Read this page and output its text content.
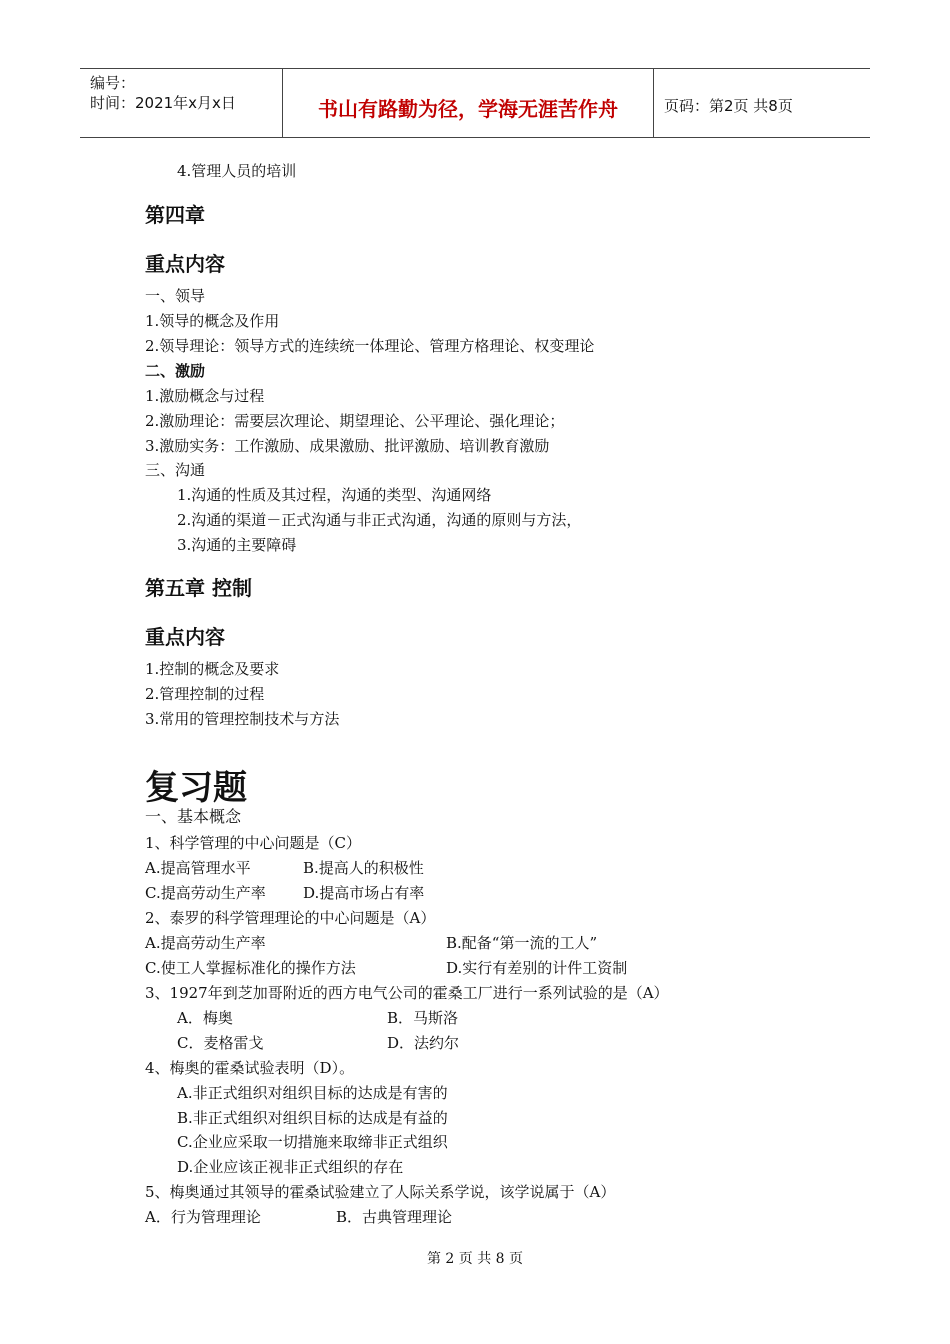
编号：
时间：2021年x月x日	书山有路勤为径，学海无涯苦作舟	页码：第2页 共8页
4.管理人员的培训
第四章
重点内容
一、领导
1.领导的概念及作用
2.领导理论：领导方式的连续统一体理论、管理方格理论、权变理论
二、激励
1.激励概念与过程
2.激励理论：需要层次理论、期望理论、公平理论、强化理论；
3.激励实务：工作激励、成果激励、批评激励、培训教育激励
三、沟通
1.沟通的性质及其过程，沟通的类型、沟通网络
2.沟通的渠道－正式沟通与非正式沟通，沟通的原则与方法，
3.沟通的主要障碍
第五章 控制
重点内容
1.控制的概念及要求
2.管理控制的过程
3.常用的管理控制技术与方法
复习题
一、基本概念
1、科学管理的中心问题是（C）
A.提高管理水平	B.提高人的积极性
C.提高劳动生产率 D.提高市场占有率
2、泰罗的科学管理理论的中心问题是（A）
A.提高劳动生产率	B.配备“第一流的工人”
C.使工人掌握标准化的操作方法	D.实行有差别的计件工资制
3、1927年到芝加哥附近的西方电气公司的霍桑工厂进行一系列试验的是（A）
A．梅奥	B．马斯洛
C．麦格雷戈	D．法约尔
4、梅奥的霍桑试验表明（D）。
A.非正式组织对组织目标的达成是有害的
B.非正式组织对组织目标的达成是有益的
C.企业应采取一切措施来取缔非正式组织
D.企业应该正视非正式组织的存在
5、梅奥通过其领导的霍桑试验建立了人际关系学说，该学说属于（A）
A．行为管理理论	B．古典管理理论
第 2 页 共 8 页
